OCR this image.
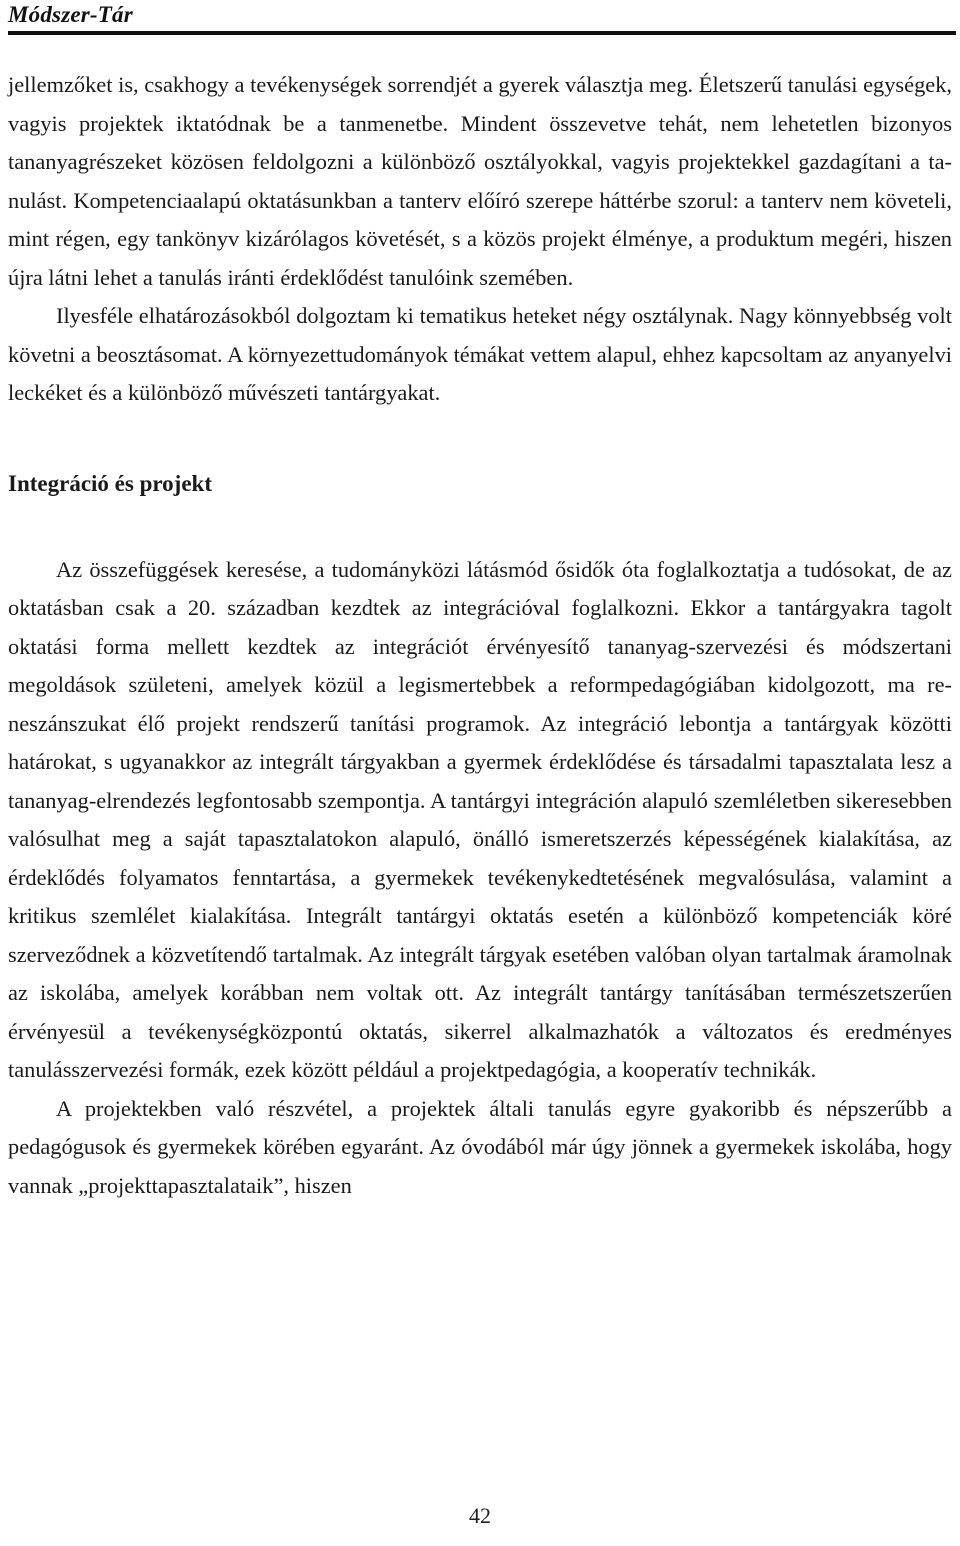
Módszer-Tár

jellemzőket is, csakhogy a tevékenységek sorrendjét a gyerek választja meg. Életszerű tanulási egységek, vagyis projektek iktatódnak be a tanmenetbe. Mindent összevetve tehát, nem lehetetlen bizonyos tananyagrészeket közösen feldolgozni a különböző osztályokkal, vagyis projektekkel gazdagítani a tanulást. Kompetenciaalapú oktatásunkban a tanterv előíró szerepe háttérbe szorul: a tanterv nem követeli, mint régen, egy tankönyv kizárólagos követését, s a közös projekt élménye, a produktum megéri, hiszen újra látni lehet a tanulás iránti érdeklődést tanulóink szemében.

Ilyesféle elhatározásokból dolgoztam ki tematikus heteket négy osztálynak. Nagy könnyebbség volt követni a beosztásomat. A környezettudományok témákat vettem alapul, ehhez kapcsoltam az anyanyelvi leckéket és a különböző művészeti tantárgyakat.

Integráció és projekt

Az összefüggések keresése, a tudományközi látásmód ősidők óta foglalkoztatja a tudósokat, de az oktatásban csak a 20. században kezdtek az integrációval foglalkozni. Ekkor a tantárgyakra tagolt oktatási forma mellett kezdtek az integrációt érvényesítő tananyag-szervezési és módszertani megoldások születeni, amelyek közül a legismertebbek a reformpedagógiában kidolgozott, ma reneszánszukat élő projekt rendszerű tanítási programok. Az integráció lebontja a tantárgyak közötti határokat, s ugyanakkor az integrált tárgyakban a gyermek érdeklődése és társadalmi tapasztalata lesz a tananyag-elrendezés legfontosabb szempontja. A tantárgyi integráción alapuló szemléletben sikeresebben valósulhat meg a saját tapasztalatokon alapuló, önálló ismeretszerzés képességének kialakítása, az érdeklődés folyamatos fenntartása, a gyermekek tevékenykedtetésének megvalósulása, valamint a kritikus szemlélet kialakítása. Integrált tantárgyi oktatás esetén a különböző kompetenciák köré szerveződnek a közvetítendő tartalmak. Az integrált tárgyak esetében valóban olyan tartalmak áramolnak az iskolába, amelyek korábban nem voltak ott. Az integrált tantárgy tanításában természetszerűen érvényesül a tevékenységközpontú oktatás, sikerrel alkalmazhatók a változatos és eredményes tanulásszervezési formák, ezek között például a projektpedagógia, a kooperatív technikák.

A projektekben való részvétel, a projektek általi tanulás egyre gyakoribb és népszerűbb a pedagógusok és gyermekek körében egyaránt. Az óvodából már úgy jönnek a gyermekek iskolába, hogy vannak „projekttapasztalataik”, hiszen

42
